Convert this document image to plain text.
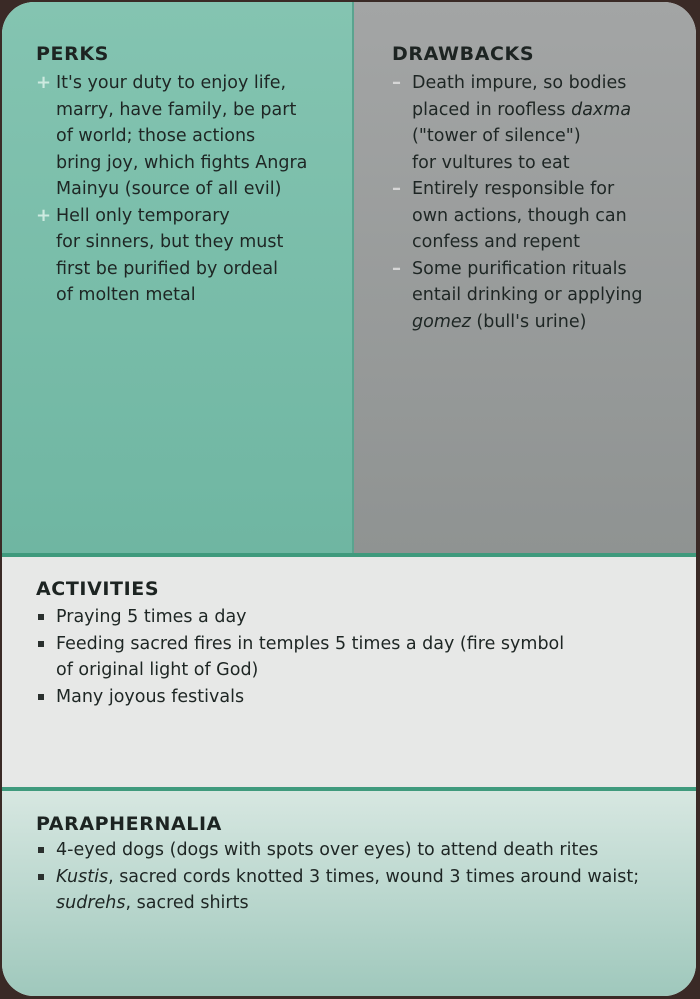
PERKS
+ It's your duty to enjoy life,
marry, have family, be part
of world; those actions
bring joy, which fights Angra
Mainyu (source of all evil)
+ Hell only temporary
for sinners, but they must
first be purified by ordeal
of molten metal
DRAWBACKS
– Death impure, so bodies
placed in roofless daxma
("tower of silence")
for vultures to eat
– Entirely responsible for
own actions, though can
confess and repent
– Some purification rituals
entail drinking or applying
gomez (bull's urine)
ACTIVITIES
Praying 5 times a day
Feeding sacred fires in temples 5 times a day (fire symbol
of original light of God)
Many joyous festivals
PARAPHERNALIA
4-eyed dogs (dogs with spots over eyes) to attend death rites
Kustis, sacred cords knotted 3 times, wound 3 times around waist;
sudrehs, sacred shirts
